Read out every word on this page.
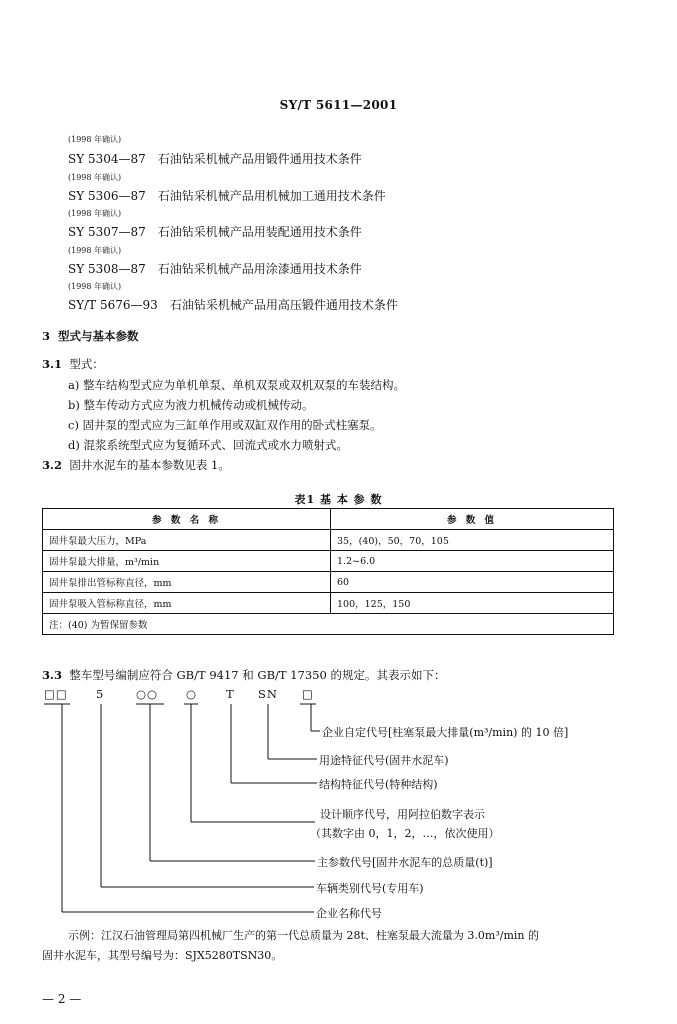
SY/T 5611—2001
(1998 年确认)
SY 5304—87 石油钻采机械产品用锻件通用技术条件
(1998 年确认)
SY 5306—87 石油钻采机械产品用机械加工通用技术条件
(1998 年确认)
SY 5307—87 石油钻采机械产品用装配通用技术条件
(1998 年确认)
SY 5308—87 石油钻采机械产品用涂漆通用技术条件
(1998 年确认)
SY/T 5676—93 石油钻采机械产品用高压锻件通用技术条件
3 型式与基本参数
3.1 型式：
a) 整车结构型式应为单机单泵、单机双泵或双机双泵的车装结构。
b) 整车传动方式应为液力机械传动或机械传动。
c) 固井泵的型式应为三缸单作用或双缸双作用的卧式柱塞泵。
d) 混浆系统型式应为复循环式、回流式或水力喷射式。
3.2 固井水泥车的基本参数见表 1。
表1 基 本 参 数
参 数 名 称	参 数 值
固井泵最大压力，MPa	35，(40)，50，70，105
固井泵最大排量，m³/min	1.2~6.0
固井泵排出管标称直径，mm	60
固井泵吸入管标称直径，mm	100，125，150
注：(40) 为暂保留参数	
3.3 整车型号编制应符合 GB/T 9417 和 GB/T 17350 的规定。其表示如下：
□□ 5	○○ ○	T SN □
企业自定代号[柱塞泵最大排量(m³/min) 的 10 倍]
用途特征代号(固井水泥车)
结构特征代号(特种结构)
设计顺序代号，用阿拉伯数字表示
（其数字由 0，1，2，…，依次使用）
主参数代号[固井水泥车的总质量(t)]
车辆类别代号(专用车)
企业名称代号
示例：江汉石油管理局第四机械厂生产的第一代总质量为 28t、柱塞泵最大流量为 3.0m³/min 的
固井水泥车，其型号编号为：SJX5280TSN30。
— 2 —
